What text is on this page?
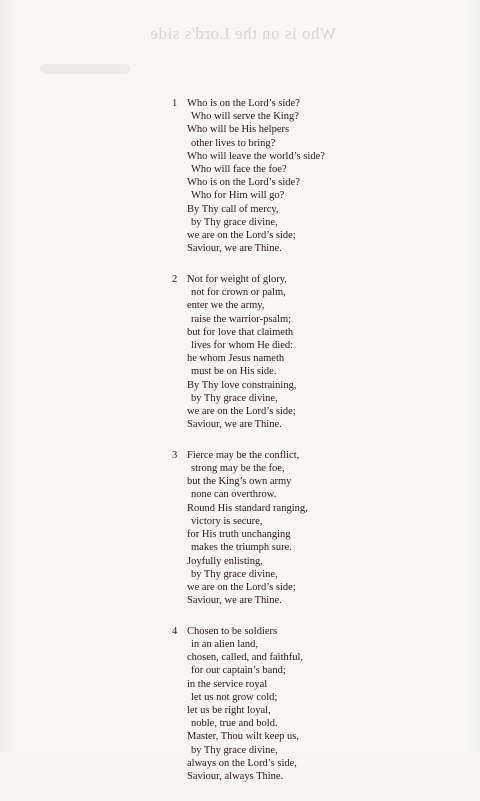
Who is on the Lord's side
1 Who is on the Lord’s side?
Who will serve the King?
Who will be His helpers
other lives to bring?
Who will leave the world’s side?
Who will face the foe?
Who is on the Lord’s side?
Who for Him will go?
By Thy call of mercy,
by Thy grace divine,
we are on the Lord’s side;
Saviour, we are Thine.
2 Not for weight of glory,
not for crown or palm,
enter we the army,
raise the warrior-psalm;
but for love that claimeth
lives for whom He died:
he whom Jesus nameth
must be on His side.
By Thy love constraining,
by Thy grace divine,
we are on the Lord’s side;
Saviour, we are Thine.
3 Fierce may be the conflict,
strong may be the foe,
but the King’s own army
none can overthrow.
Round His standard ranging,
victory is secure,
for His truth unchanging
makes the triumph sure.
Joyfully enlisting,
by Thy grace divine,
we are on the Lord’s side;
Saviour, we are Thine.
4 Chosen to be soldiers
in an alien land,
chosen, called, and faithful,
for our captain’s band;
in the service royal
let us not grow cold;
let us be right loyal,
noble, true and bold.
Master, Thou wilt keep us,
by Thy grace divine,
always on the Lord’s side,
Saviour, always Thine.
